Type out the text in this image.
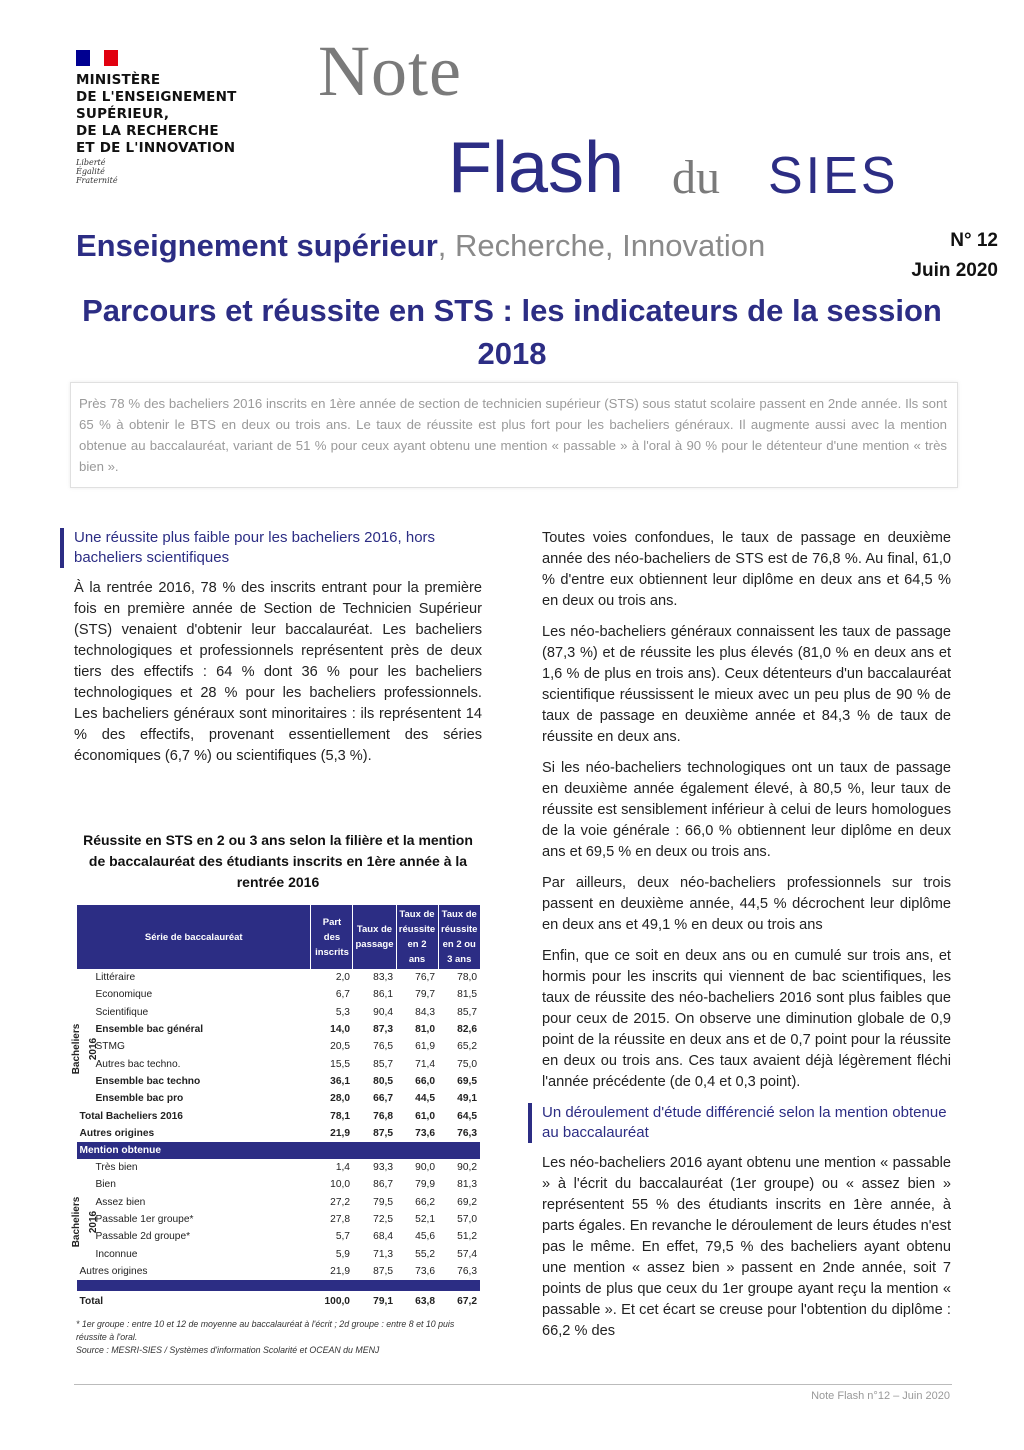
MINISTÈRE
DE L'ENSEIGNEMENT
SUPÉRIEUR,
DE LA RECHERCHE
ET DE L'INNOVATION
Liberté
Égalité
Fraternité
Note
Flash du SIES
Enseignement supérieur, Recherche, Innovation	N° 12
Juin 2020
Parcours et réussite en STS : les indicateurs de la session 2018
Près 78 % des bacheliers 2016 inscrits en 1ère année de section de technicien supérieur (STS) sous statut scolaire passent en 2nde année. Ils sont 65 % à obtenir le BTS en deux ou trois ans. Le taux de réussite est plus fort pour les bacheliers généraux. Il augmente aussi avec la mention obtenue au baccalauréat, variant de 51 % pour ceux ayant obtenu une mention « passable » à l'oral à 90 % pour le détenteur d'une mention « très bien ».
Une réussite plus faible pour les bacheliers 2016, hors bacheliers scientifiques

À la rentrée 2016, 78 % des inscrits entrant pour la première fois en première année de Section de Technicien Supérieur (STS) venaient d'obtenir leur baccalauréat. Les bacheliers technologiques et professionnels représentent près de deux tiers des effectifs : 64 % dont 36 % pour les bacheliers technologiques et 28 % pour les bacheliers professionnels. Les bacheliers généraux sont minoritaires : ils représentent 14 % des effectifs, provenant essentiellement des séries économiques (6,7 %) ou scientifiques (5,3 %).

Réussite en STS en 2 ou 3 ans selon la filière et la mention de baccalauréat des étudiants inscrits en 1ère année à la rentrée 2016
Série de baccalauréat		Part des inscrits	Taux de passage	Taux de réussite en 2 ans	Taux de réussite en 2 ou 3 ans

Bacheliers 2016	Littéraire	2,0	83,3	76,7	78,0
	Economique	6,7	86,1	79,7	81,5
	Scientifique	5,3	90,4	84,3	85,7
	Ensemble bac général	14,0	87,3	81,0	82,6
	STMG	20,5	76,5	61,9	65,2
	Autres bac techno.	15,5	85,7	71,4	75,0
	Ensemble bac techno	36,1	80,5	66,0	69,5
	Ensemble bac pro	28,0	66,7	44,5	49,1
Total Bacheliers 2016		78,1	76,8	61,0	64,5
Autres origines		21,9	87,5	73,6	76,3
Mention obtenue					

Bacheliers 2016	Très bien	1,4	93,3	90,0	90,2
	Bien	10,0	86,7	79,9	81,3
	Assez bien	27,2	79,5	66,2	69,2
	Passable 1er groupe*	27,8	72,5	52,1	57,0
	Passable 2d groupe*	5,7	68,4	45,6	51,2
	Inconnue	5,9	71,3	55,2	57,4
Autres origines		21,9	87,5	73,6	76,3

Total		100,0	79,1	63,8	67,2
* 1er groupe : entre 10 et 12 de moyenne au baccalauréat à l'écrit ; 2d groupe : entre 8 et 10 puis réussite à l'oral.
Source : MESRI-SIES / Systèmes d'information Scolarité et OCEAN du MENJ

Toutes voies confondues, le taux de passage en deuxième année des néo-bacheliers de STS est de 76,8 %. Au final, 61,0 % d'entre eux obtiennent leur diplôme en deux ans et 64,5 % en deux ou trois ans.

Les néo-bacheliers généraux connaissent les taux de passage (87,3 %) et de réussite les plus élevés (81,0 % en deux ans et 1,6 % de plus en trois ans). Ceux détenteurs d'un baccalauréat scientifique réussissent le mieux avec un peu plus de 90 % de taux de passage en deuxième année et 84,3 % de taux de réussite en deux ans.

Si les néo-bacheliers technologiques ont un taux de passage en deuxième année également élevé, à 80,5 %, leur taux de réussite est sensiblement inférieur à celui de leurs homologues de la voie générale : 66,0 % obtiennent leur diplôme en deux ans et 69,5 % en deux ou trois ans.

Par ailleurs, deux néo-bacheliers professionnels sur trois passent en deuxième année, 44,5 % décrochent leur diplôme en deux ans et 49,1 % en deux ou trois ans

Enfin, que ce soit en deux ans ou en cumulé sur trois ans, et hormis pour les inscrits qui viennent de bac scientifiques, les taux de réussite des néo-bacheliers 2016 sont plus faibles que pour ceux de 2015. On observe une diminution globale de 0,9 point de la réussite en deux ans et de 0,7 point pour la réussite en deux ou trois ans. Ces taux avaient déjà légèrement fléchi l'année précédente (de 0,4 et 0,3 point).

Un déroulement d'étude différencié selon la mention obtenue au baccalauréat

Les néo-bacheliers 2016 ayant obtenu une mention « passable » à l'écrit du baccalauréat (1er groupe) ou « assez bien » représentent 55 % des étudiants inscrits en 1ère année, à parts égales. En revanche le déroulement de leurs études n'est pas le même. En effet, 79,5 % des bacheliers ayant obtenu une mention « assez bien » passent en 2nde année, soit 7 points de plus que ceux du 1er groupe ayant reçu la mention « passable ». Et cet écart se creuse pour l'obtention du diplôme : 66,2 % des

Note Flash n°12 – Juin 2020
